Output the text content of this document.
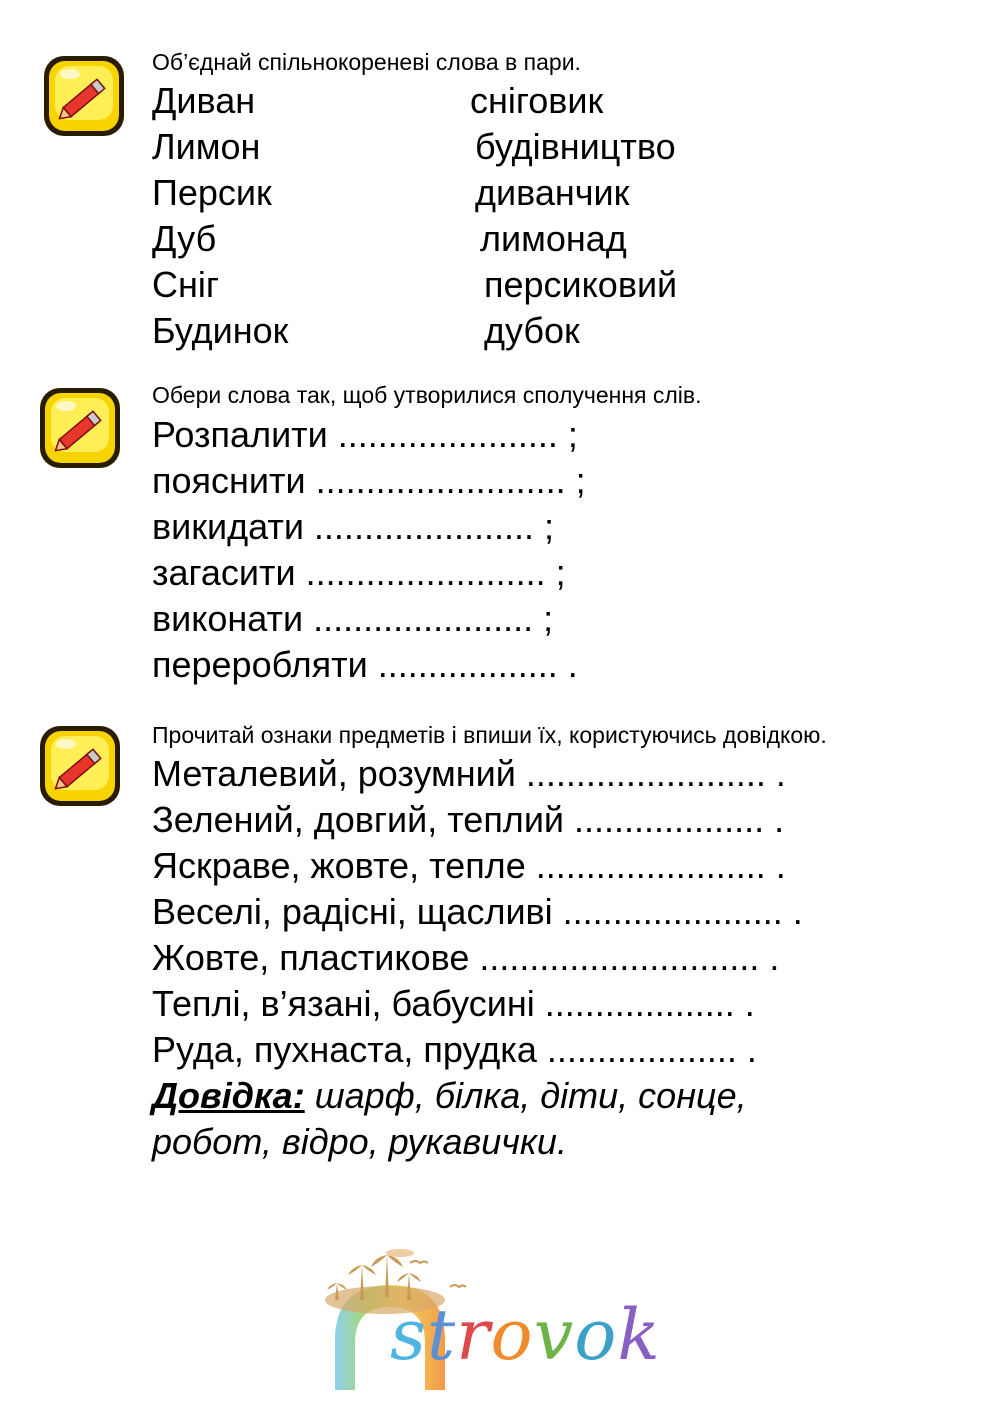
Об’єднай спільнокореневі слова в пари.
Диван
Лимон
Персик
Дуб
Сніг
Будинок
сніговик
будівництво
диванчик
лимонад
персиковий
дубок
Обери слова так, щоб утворилися сполучення слів.
Розпалити ...................... ;
пояснити ......................... ;
викидати ...................... ;
загасити ........................ ;
виконати ...................... ;
переробляти .................. .
Прочитай ознаки предметів і впиши їх, користуючись довідкою.
Металевий, розумний ........................ .
Зелений, довгий, теплий ................... .
Яскраве, жовте, тепле ....................... .
Веселі, радісні, щасливі ...................... .
Жовте, пластикове ............................ .
Теплі, в’язані, бабусині ................... .
Руда, пухнаста, прудка ................... .
Довідка: шарф, білка, діти, сонце,
робот, відро, рукавички.
strovok
